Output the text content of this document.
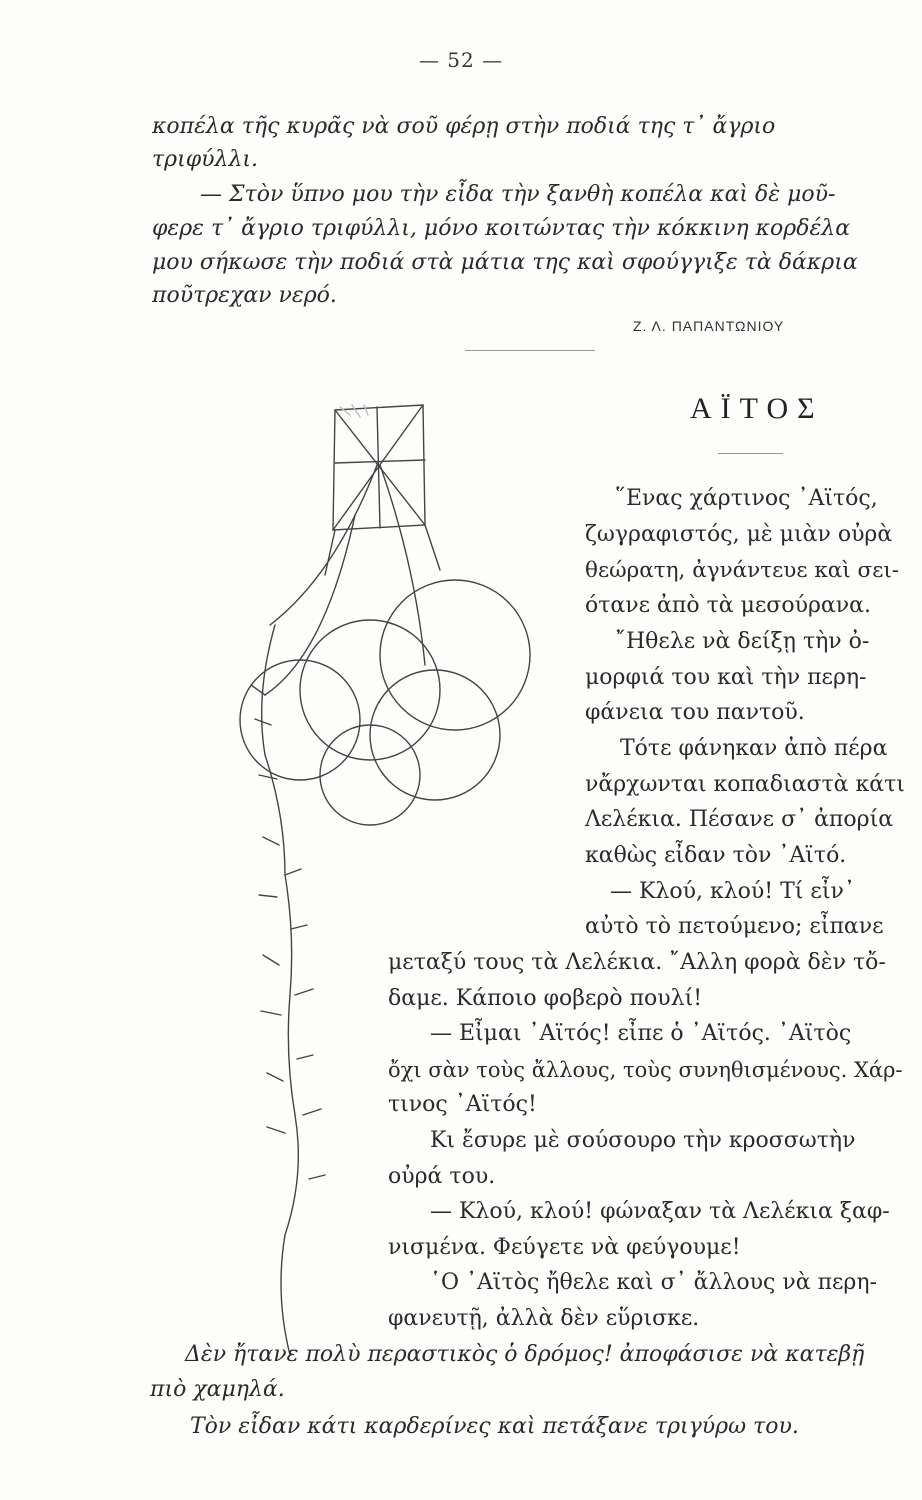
— 52 —
κοπέλα τῆς κυρᾶς νὰ σοῦ φέρῃ στὴν ποδιά της τ᾽ ἄγριο
τριφύλλι.
— Στὸν ὕπνο μου τὴν εἶδα τὴν ξανθὴ κοπέλα καὶ δὲ μοῦ-
φερε τ᾽ ἄγριο τριφύλλι, μόνο κοιτώντας τὴν κόκκινη κορδέλα
μου σήκωσε τὴν ποδιά στὰ μάτια της καὶ σφούγγιξε τὰ δάκρια
ποῦτρεχαν νερό.
Ζ. Λ. ΠΑΠΑΝΤΩΝΙΟΥ
ΑΪΤΟΣ
῞Ενας χάρτινος ᾽Αϊτός,
ζωγραφιστός, μὲ μιὰν οὐρὰ
θεώρατη, ἀγνάντευε καὶ σει-
ότανε ἀπὸ τὰ μεσούρανα.
῎Ηθελε νὰ δείξῃ τὴν ὀ-
μορφιά του καὶ τὴν περη-
φάνεια του παντοῦ.
Τότε φάνηκαν ἀπὸ πέρα
νἄρχωνται κοπαδιαστὰ κάτι
Λελέκια. Πέσανε σ᾽ ἀπορία
καθὼς εἶδαν τὸν ᾽Αϊτό.
— Κλού, κλού! Τί εἶν᾽
αὐτὸ τὸ πετούμενο; εἶπανε
μεταξύ τους τὰ Λελέκια. ῎Αλλη φορὰ δὲν τὄ-
δαμε. Κάποιο φοβερὸ πουλί!
— Εἶμαι ᾽Αϊτός! εἶπε ὁ ᾽Αϊτός. ᾽Αϊτὸς
ὄχι σὰν τοὺς ἄλλους, τοὺς συνηθισμένους. Χάρ-
τινος ᾽Αϊτός!
Κι ἔσυρε μὲ σούσουρο τὴν κροσσωτὴν
οὐρά του.
— Κλού, κλού! φώναξαν τὰ Λελέκια ξαφ-
νισμένα. Φεύγετε νὰ φεύγουμε!
῾Ο ᾽Αϊτὸς ἤθελε καὶ σ᾽ ἄλλους νὰ περη-
φανευτῇ, ἀλλὰ δὲν εὕρισκε.
Δὲν ἤτανε πολὺ περαστικὸς ὁ δρόμος! ἀποφάσισε νὰ κατεβῇ
πιὸ χαμηλά.
Τὸν εἶδαν κάτι καρδερίνες καὶ πετάξανε τριγύρω του.
